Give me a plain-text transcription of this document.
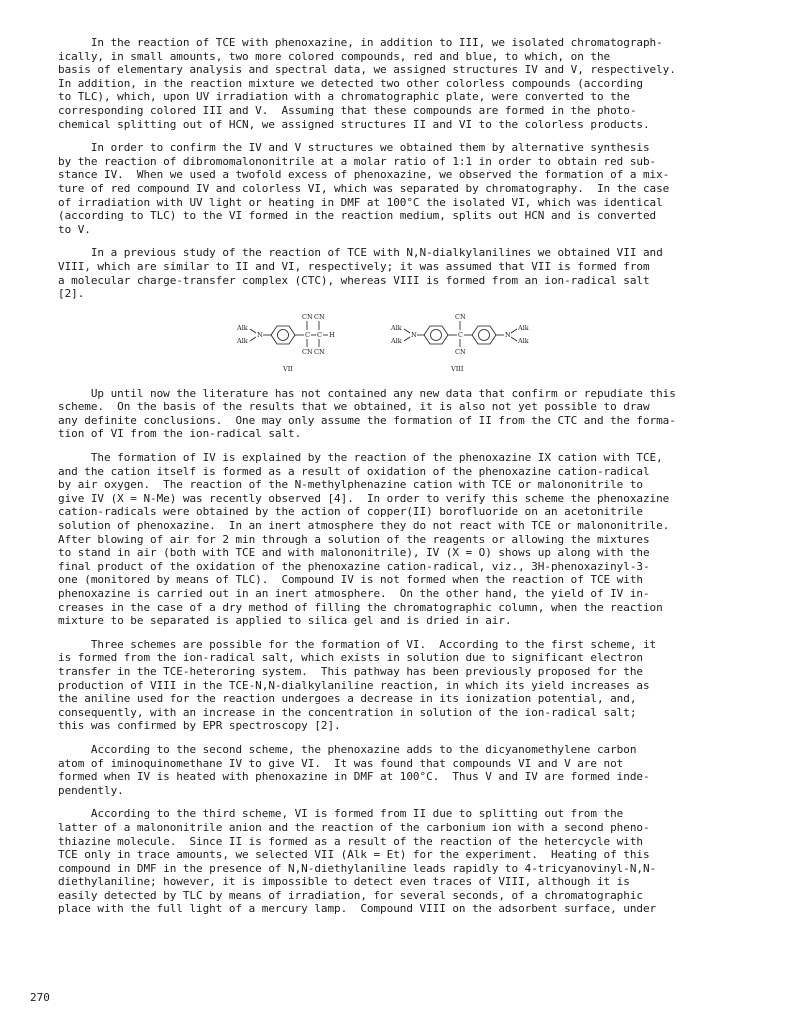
In the reaction of TCE with phenoxazine, in addition to III, we isolated chromatograph-
ically, in small amounts, two more colored compounds, red and blue, to which, on the
basis of elementary analysis and spectral data, we assigned structures IV and V, respectively.
In addition, in the reaction mixture we detected two other colorless compounds (according
to TLC), which, upon UV irradiation with a chromatographic plate, were converted to the
corresponding colored III and V.  Assuming that these compounds are formed in the photo-
chemical splitting out of HCN, we assigned structures II and VI to the colorless products.
In order to confirm the IV and V structures we obtained them by alternative synthesis
by the reaction of dibromomalononitrile at a molar ratio of 1:1 in order to obtain red sub-
stance IV.  When we used a twofold excess of phenoxazine, we observed the formation of a mix-
ture of red compound IV and colorless VI, which was separated by chromatography.  In the case
of irradiation with UV light or heating in DMF at 100°C the isolated VI, which was identical
(according to TLC) to the VI formed in the reaction medium, splits out HCN and is converted
to V.
In a previous study of the reaction of TCE with N,N-dialkylanilines we obtained VII and
VIII, which are similar to II and VI, respectively; it was assumed that VII is formed from
a molecular charge-transfer complex (CTC), whereas VIII is formed from an ion-radical salt
[2].
Alk
Alk
N	C C H
CN CN
CN CN
VII
Alk
Alk
N	C
CN
CN
N
Alk
Alk
VIII
Up until now the literature has not contained any new data that confirm or repudiate this
scheme.  On the basis of the results that we obtained, it is also not yet possible to draw
any definite conclusions.  One may only assume the formation of II from the CTC and the forma-
tion of VI from the ion-radical salt.
The formation of IV is explained by the reaction of the phenoxazine IX cation with TCE,
and the cation itself is formed as a result of oxidation of the phenoxazine cation-radical
by air oxygen.  The reaction of the N-methylphenazine cation with TCE or malononitrile to
give IV (X = N-Me) was recently observed [4].  In order to verify this scheme the phenoxazine
cation-radicals were obtained by the action of copper(II) borofluoride on an acetonitrile
solution of phenoxazine.  In an inert atmosphere they do not react with TCE or malononitrile.
After blowing of air for 2 min through a solution of the reagents or allowing the mixtures
to stand in air (both with TCE and with malononitrile), IV (X = O) shows up along with the
final product of the oxidation of the phenoxazine cation-radical, viz., 3H-phenoxazinyl-3-
one (monitored by means of TLC).  Compound IV is not formed when the reaction of TCE with
phenoxazine is carried out in an inert atmosphere.  On the other hand, the yield of IV in-
creases in the case of a dry method of filling the chromatographic column, when the reaction
mixture to be separated is applied to silica gel and is dried in air.
Three schemes are possible for the formation of VI.  According to the first scheme, it
is formed from the ion-radical salt, which exists in solution due to significant electron
transfer in the TCE-heteroring system.  This pathway has been previously proposed for the
production of VIII in the TCE-N,N-dialkylaniline reaction, in which its yield increases as
the aniline used for the reaction undergoes a decrease in its ionization potential, and,
consequently, with an increase in the concentration in solution of the ion-radical salt;
this was confirmed by EPR spectroscopy [2].
According to the second scheme, the phenoxazine adds to the dicyanomethylene carbon
atom of iminoquinomethane IV to give VI.  It was found that compounds VI and V are not
formed when IV is heated with phenoxazine in DMF at 100°C.  Thus V and IV are formed inde-
pendently.
According to the third scheme, VI is formed from II due to splitting out from the
latter of a malononitrile anion and the reaction of the carbonium ion with a second pheno-
thiazine molecule.  Since II is formed as a result of the reaction of the hetercycle with
TCE only in trace amounts, we selected VII (Alk = Et) for the experiment.  Heating of this
compound in DMF in the presence of N,N-diethylaniline leads rapidly to 4-tricyanovinyl-N,N-
diethylaniline; however, it is impossible to detect even traces of VIII, although it is
easily detected by TLC by means of irradiation, for several seconds, of a chromatographic
place with the full light of a mercury lamp.  Compound VIII on the adsorbent surface, under
270
